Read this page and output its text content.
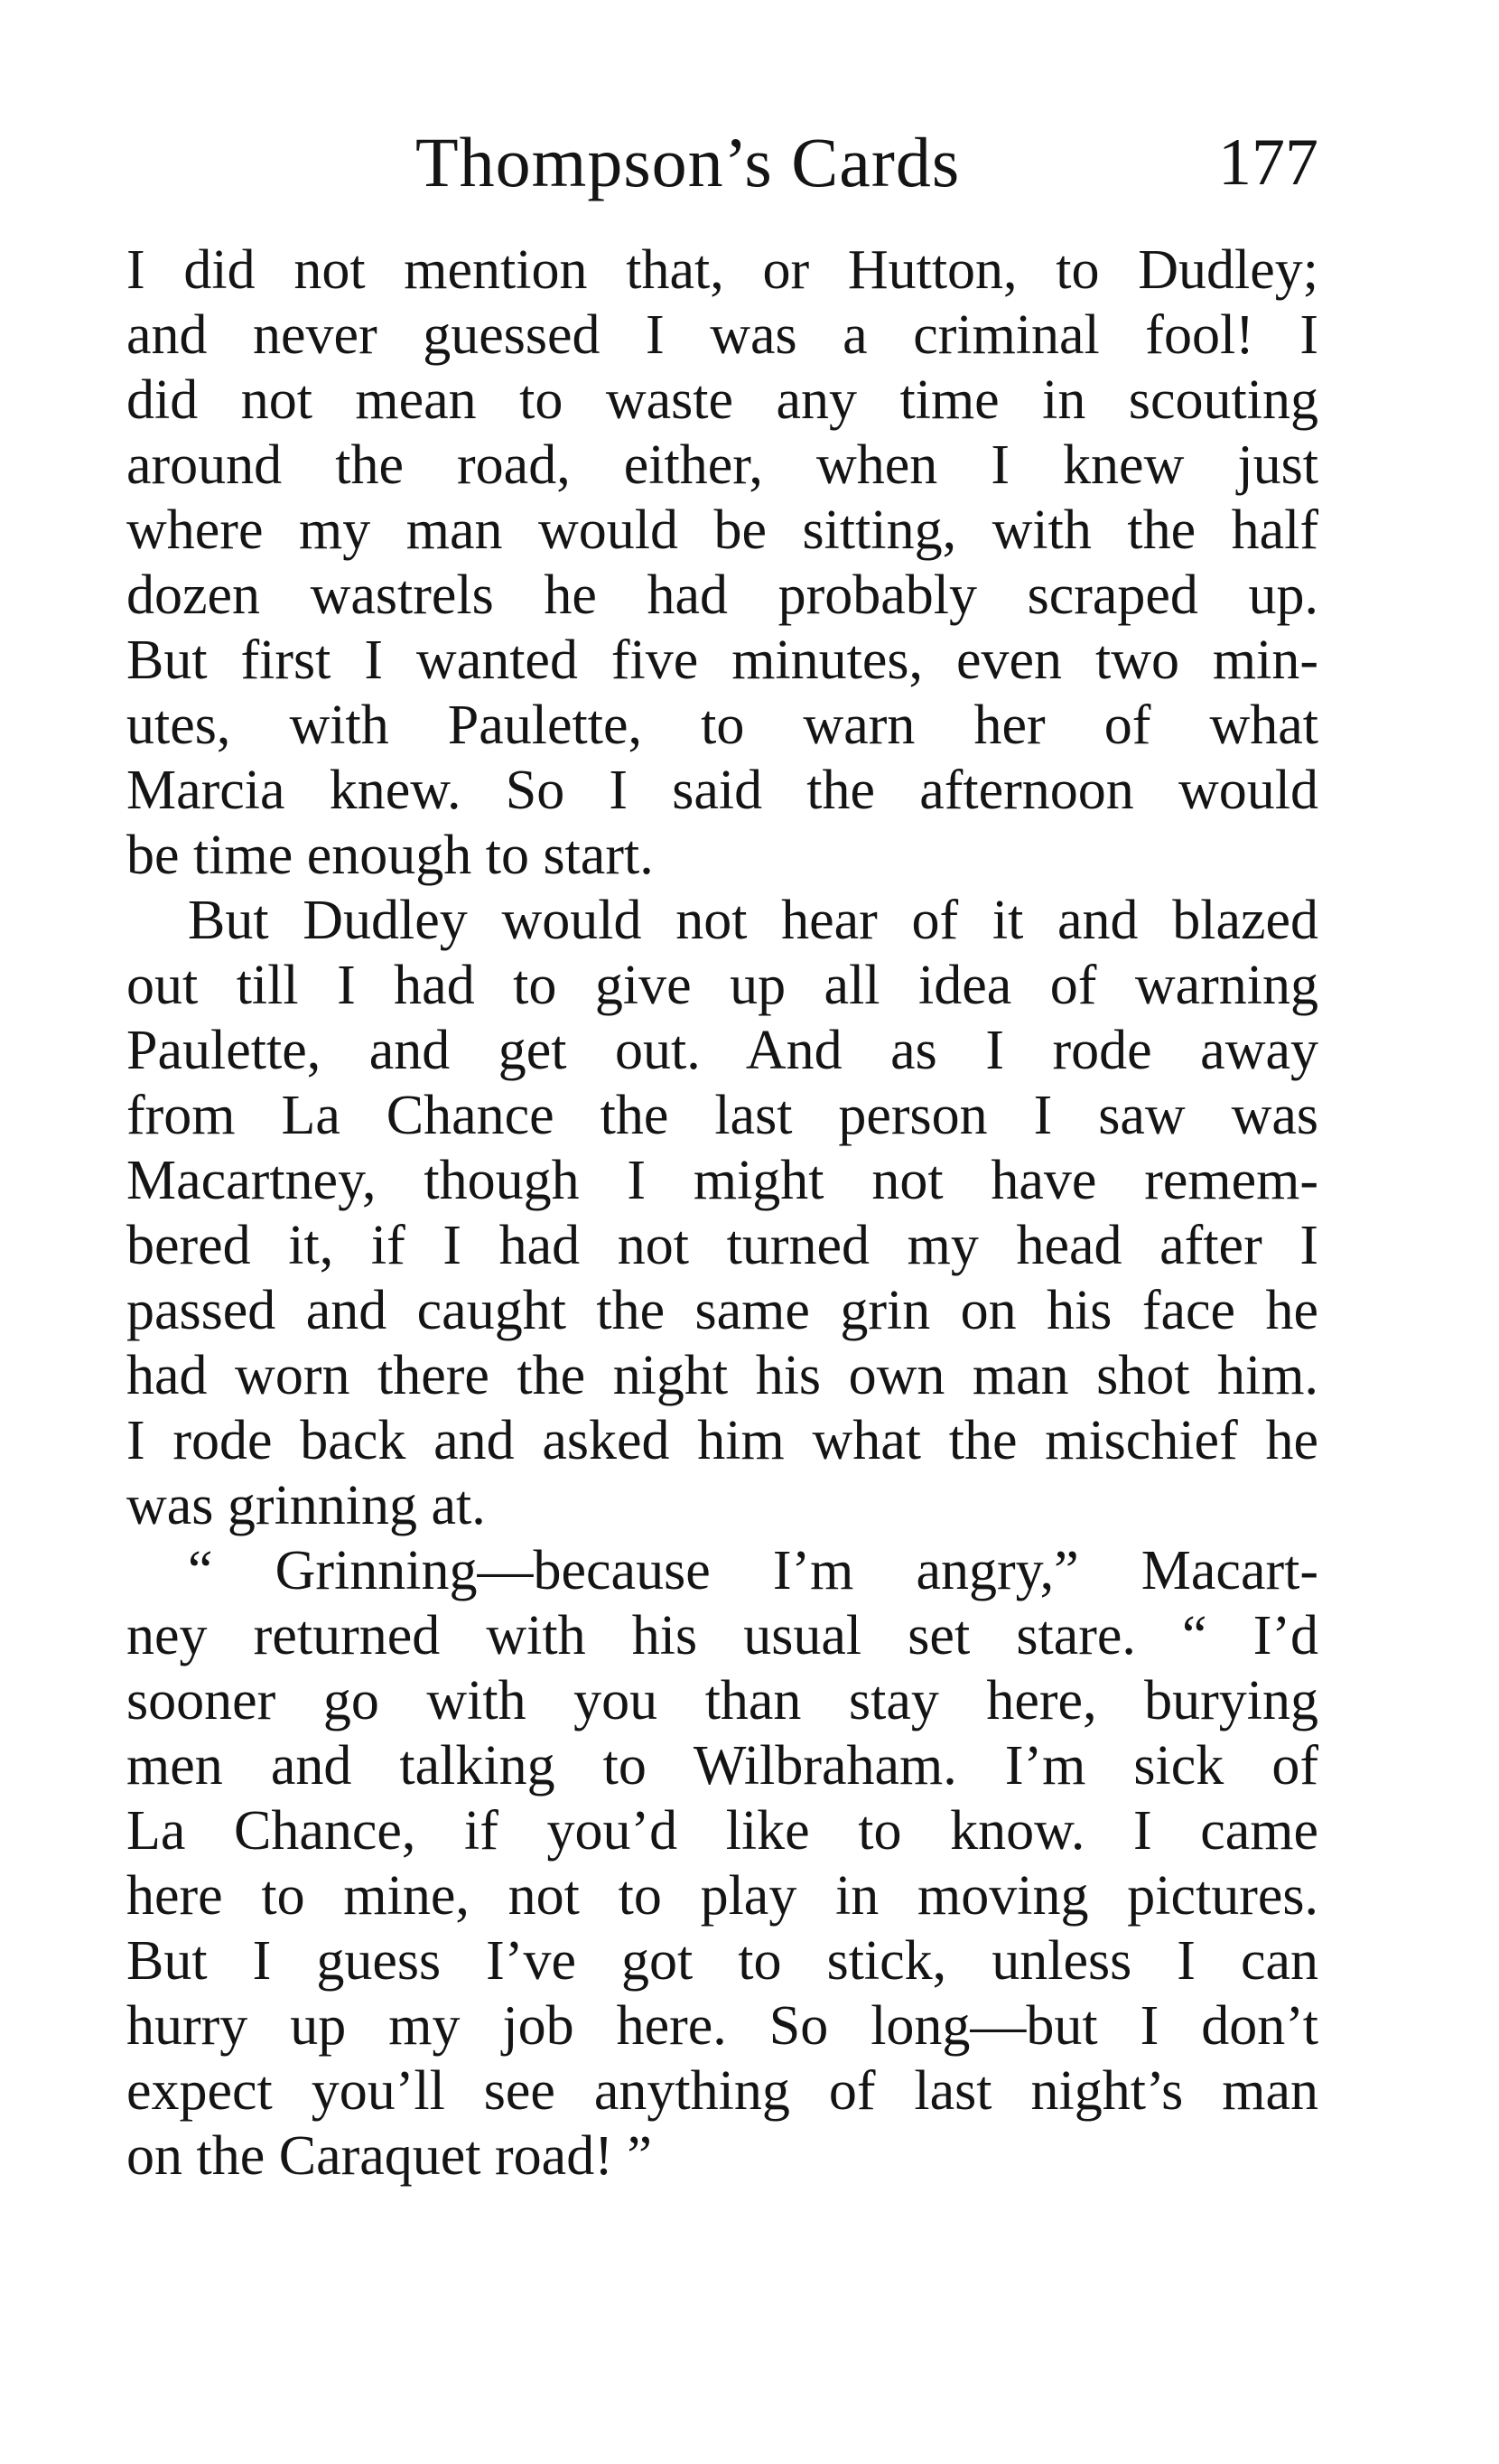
Thompson’s Cards	177
I did not mention that, or Hutton, to Dudley;
and never guessed I was a criminal fool! I
did not mean to waste any time in scouting
around the road, either, when I knew just
where my man would be sitting, with the half
dozen wastrels he had probably scraped up.
But first I wanted five minutes, even two min-
utes, with Paulette, to warn her of what
Marcia knew. So I said the afternoon would
be time enough to start.
But Dudley would not hear of it and blazed
out till I had to give up all idea of warning
Paulette, and get out. And as I rode away
from La Chance the last person I saw was
Macartney, though I might not have remem-
bered it, if I had not turned my head after I
passed and caught the same grin on his face he
had worn there the night his own man shot him.
I rode back and asked him what the mischief he
was grinning at.
“ Grinning—because I’m angry,” Macart-
ney returned with his usual set stare. “ I’d
sooner go with you than stay here, burying
men and talking to Wilbraham. I’m sick of
La Chance, if you’d like to know. I came
here to mine, not to play in moving pictures.
But I guess I’ve got to stick, unless I can
hurry up my job here. So long—but I don’t
expect you’ll see anything of last night’s man
on the Caraquet road! ”
